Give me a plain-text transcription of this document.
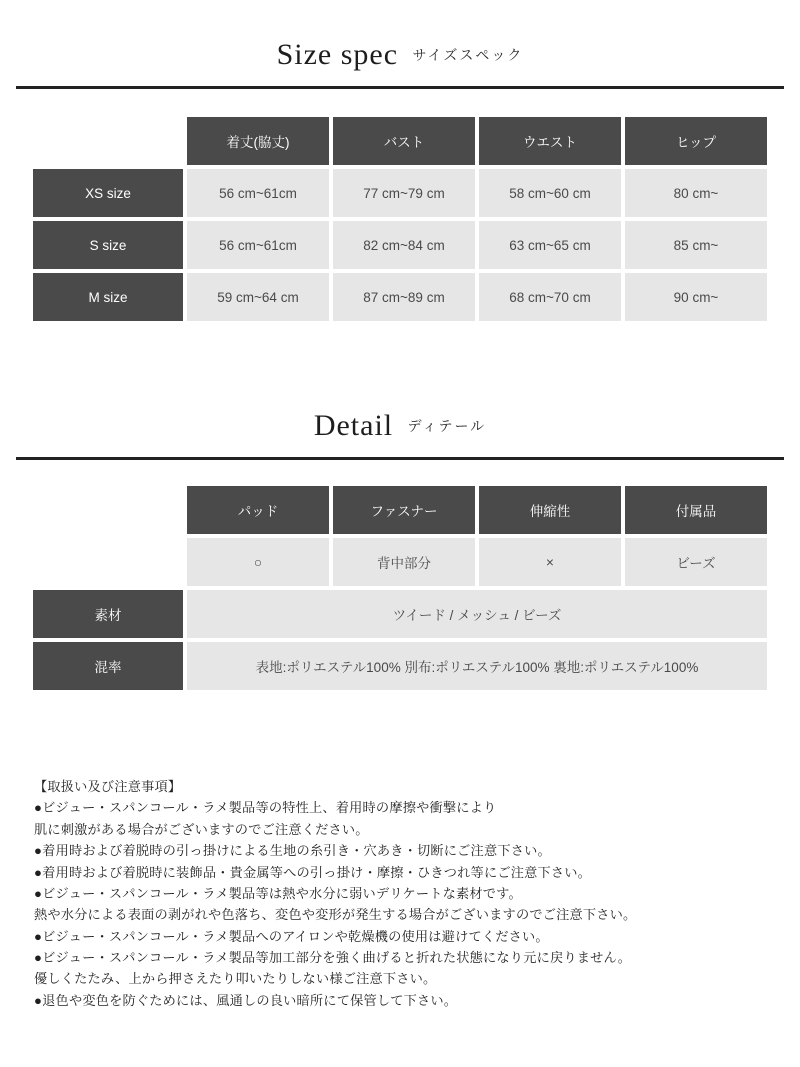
Size spec サイズスペック
	着丈(脇丈)	バスト	ウエスト	ヒップ
XS size	56 cm~61cm	77 cm~79 cm	58 cm~60 cm	80 cm~
S size	56 cm~61cm	82 cm~84 cm	63 cm~65 cm	85 cm~
M size	59 cm~64 cm	87 cm~89 cm	68 cm~70 cm	90 cm~
Detail ディテール
	パッド	ファスナー	伸縮性	付属品
	○	背中部分	×	ビーズ
素材	ツイード / メッシュ / ビーズ			
混率	表地:ポリエステル100% 別布:ポリエステル100% 裏地:ポリエステル100%			
【取扱い及び注意事項】
●ビジュー・スパンコール・ラメ製品等の特性上、着用時の摩擦や衝撃により
肌に刺激がある場合がございますのでご注意ください。
●着用時および着脱時の引っ掛けによる生地の糸引き・穴あき・切断にご注意下さい。
●着用時および着脱時に装飾品・貴金属等への引っ掛け・摩擦・ひきつれ等にご注意下さい。
●ビジュー・スパンコール・ラメ製品等は熱や水分に弱いデリケートな素材です。
熱や水分による表面の剥がれや色落ち、変色や変形が発生する場合がございますのでご注意下さい。
●ビジュー・スパンコール・ラメ製品へのアイロンや乾燥機の使用は避けてください。
●ビジュー・スパンコール・ラメ製品等加工部分を強く曲げると折れた状態になり元に戻りません。
優しくたたみ、上から押さえたり叩いたりしない様ご注意下さい。
●退色や変色を防ぐためには、風通しの良い暗所にて保管して下さい。
